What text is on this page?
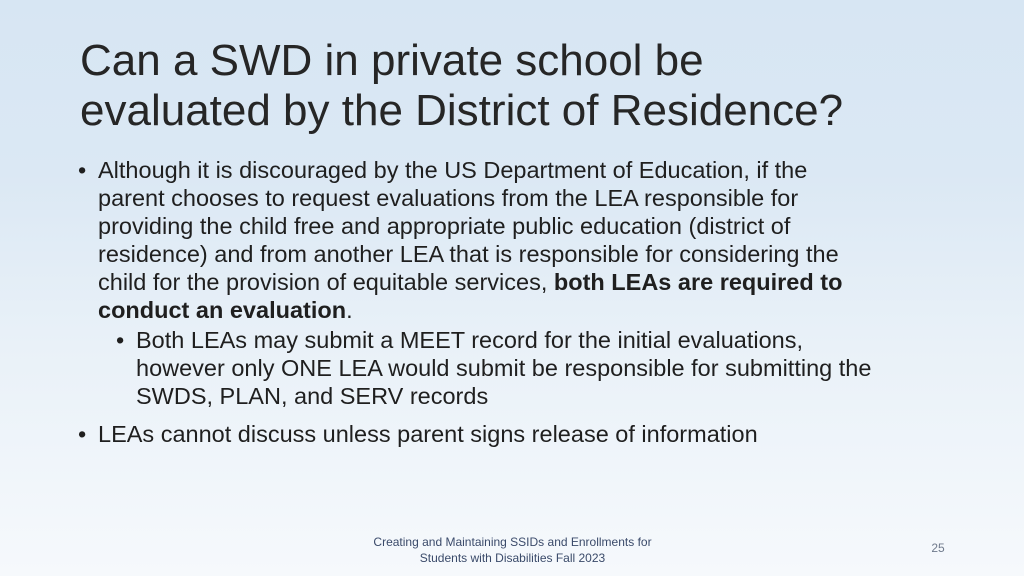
Can a SWD in private school be
evaluated by the District of Residence?
• Although it is discouraged by the US Department of Education, if the
parent chooses to request evaluations from the LEA responsible for
providing the child free and appropriate public education (district of
residence) and from another LEA that is responsible for considering the
child for the provision of equitable services, both LEAs are required to
conduct an evaluation.
• Both LEAs may submit a MEET record for the initial evaluations,
however only ONE LEA would submit be responsible for submitting the
SWDS, PLAN, and SERV records
• LEAs cannot discuss unless parent signs release of information
Creating and Maintaining SSIDs and Enrollments for
Students with Disabilities Fall 2023
25
